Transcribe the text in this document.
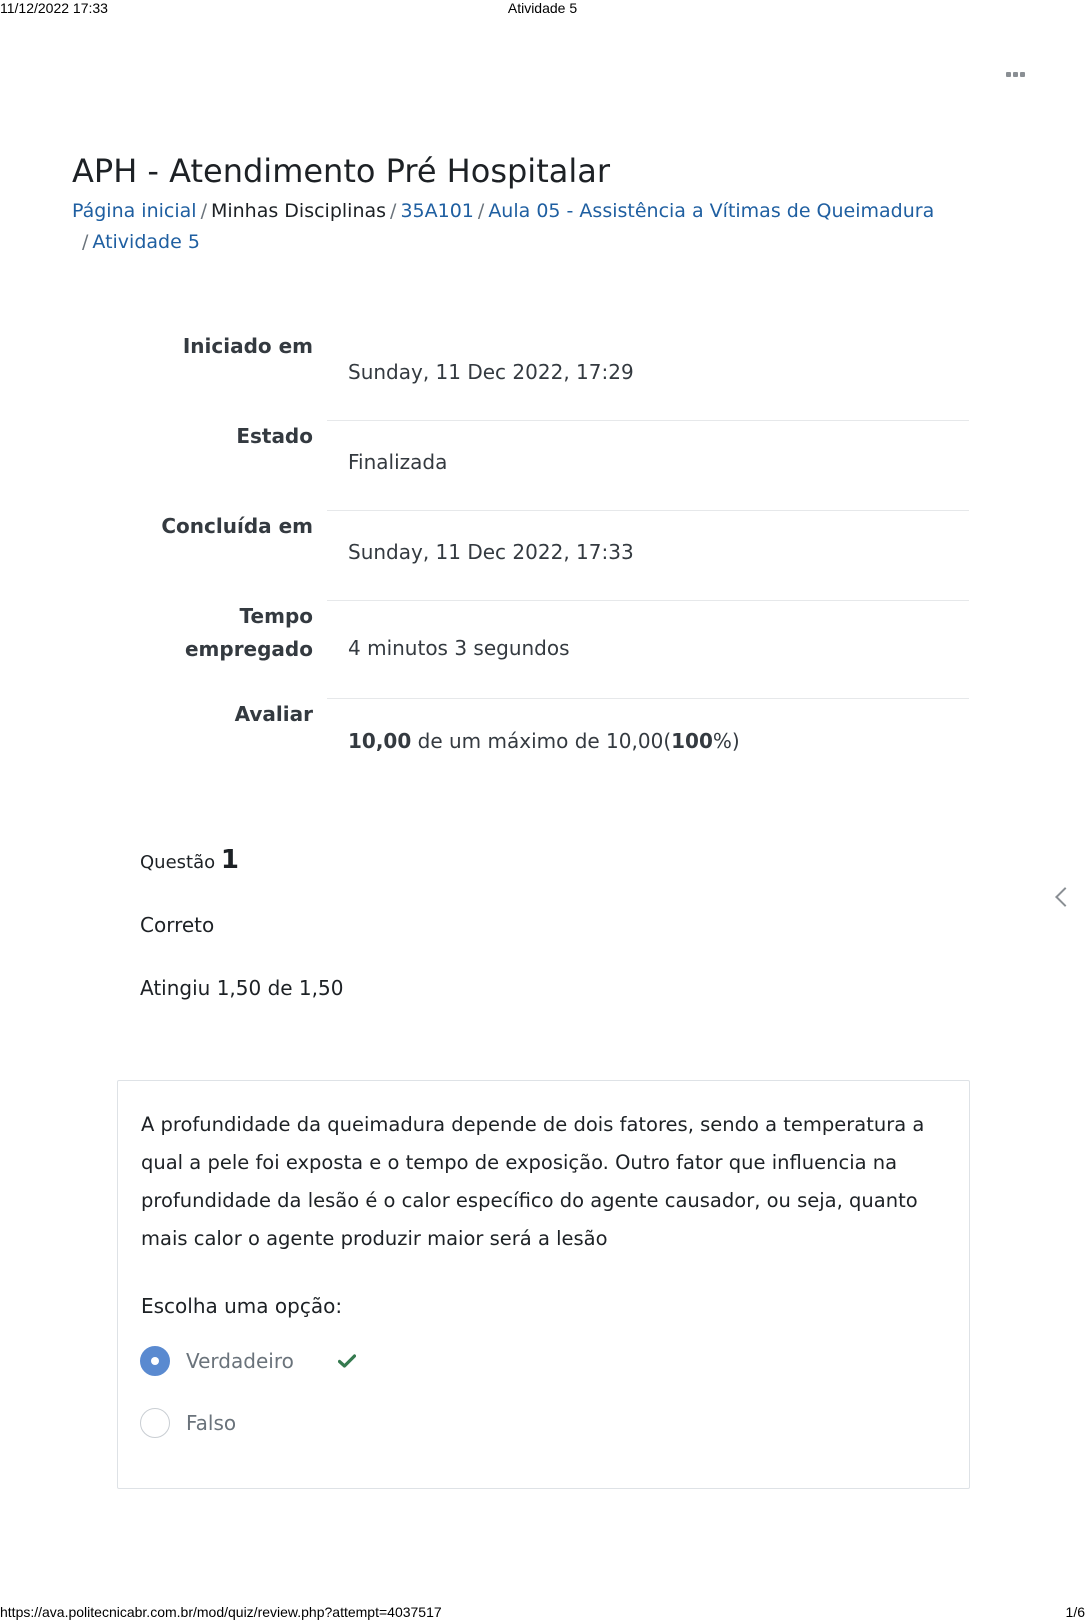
11/12/2022 17:33	Atividade 5
APH - Atendimento Pré Hospitalar
Página inicial / Minhas Disciplinas / 35A101 / Aula 05 - Assistência a Vítimas de Queimadura
/ Atividade 5
Iniciado em
Sunday, 11 Dec 2022, 17:29
Estado
Finalizada
Concluída em
Sunday, 11 Dec 2022, 17:33
Tempo
empregado 4 minutos 3 segundos
Avaliar
10,00 de um máximo de 10,00(100%)
Questão 1
Correto
Atingiu 1,50 de 1,50
A profundidade da queimadura depende de dois fatores, sendo a temperatura a qual a pele foi exposta e o tempo de exposição. Outro fator que influencia na profundidade da lesão é o calor específico do agente causador, ou seja, quanto mais calor o agente produzir maior será a lesão
Escolha uma opção:
Verdadeiro
Falso
https://ava.politecnicabr.com.br/mod/quiz/review.php?attempt=4037517	1/6
